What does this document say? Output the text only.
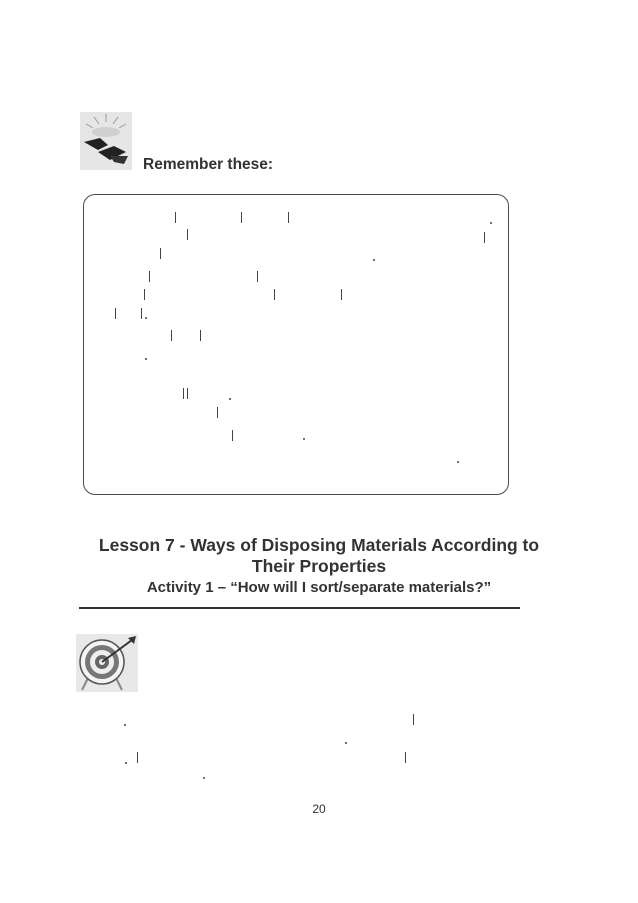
Remember these:
Lesson 7 - Ways of Disposing Materials According to
Their Properties
Activity 1 – “How will I sort/separate materials?”
20
